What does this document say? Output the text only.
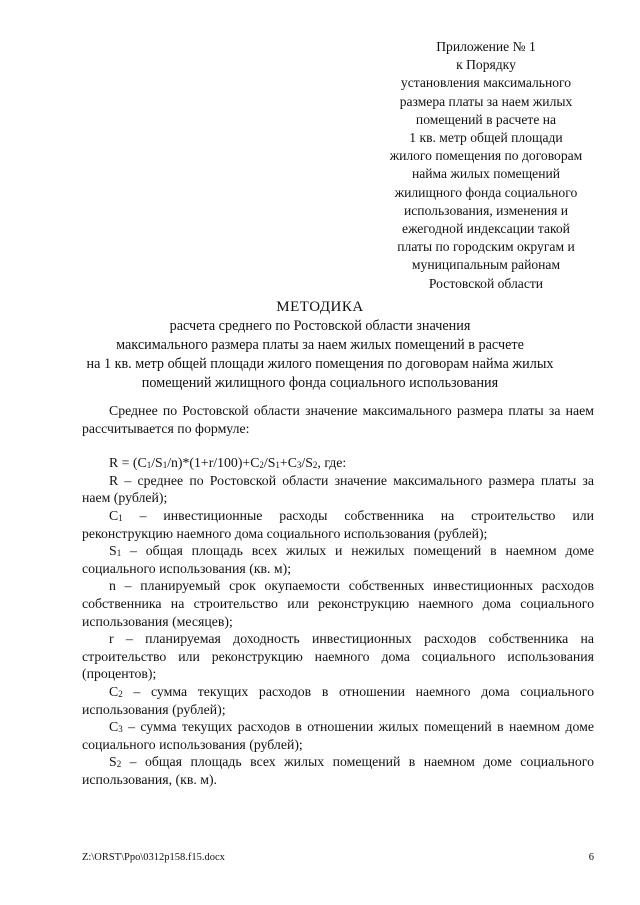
Приложение № 1
к Порядку
установления максимального
размера платы за наем жилых
помещений в расчете на
1 кв. метр общей площади
жилого помещения по договорам
найма жилых помещений
жилищного фонда социального
использования, изменения и
ежегодной индексации такой
платы по городским округам и
муниципальным районам
Ростовской области
МЕТОДИКА
расчета среднего по Ростовской области значения
максимального размера платы за наем жилых помещений в расчете
на 1 кв. метр общей площади жилого помещения по договорам найма жилых
помещений жилищного фонда социального использования

Среднее по Ростовской области значение максимального размера платы за наем рассчитывается по формуле:

$R = (C_1/S_1/n)*(1+r/100)+C_2/S_1+C_3/S_2$, где:

R – среднее по Ростовской области значение максимального размера платы за наем (рублей);

$C_1$ – инвестиционные расходы собственника на строительство или реконструкцию наемного дома социального использования (рублей);

$S_1$ – общая площадь всех жилых и нежилых помещений в наемном доме социального использования (кв. м);

n – планируемый срок окупаемости собственных инвестиционных расходов собственника на строительство или реконструкцию наемного дома социального использования (месяцев);

r – планируемая доходность инвестиционных расходов собственника на строительство или реконструкцию наемного дома социального использования (процентов);

$C_2$ – сумма текущих расходов в отношении наемного дома социального использования (рублей);

$C_3$ – сумма текущих расходов в отношении жилых помещений в наемном доме социального использования (рублей);

$S_2$ – общая площадь всех жилых помещений в наемном доме социального использования, (кв. м).

Z:\ORST\Ppo\0312p158.f15.docx	6
